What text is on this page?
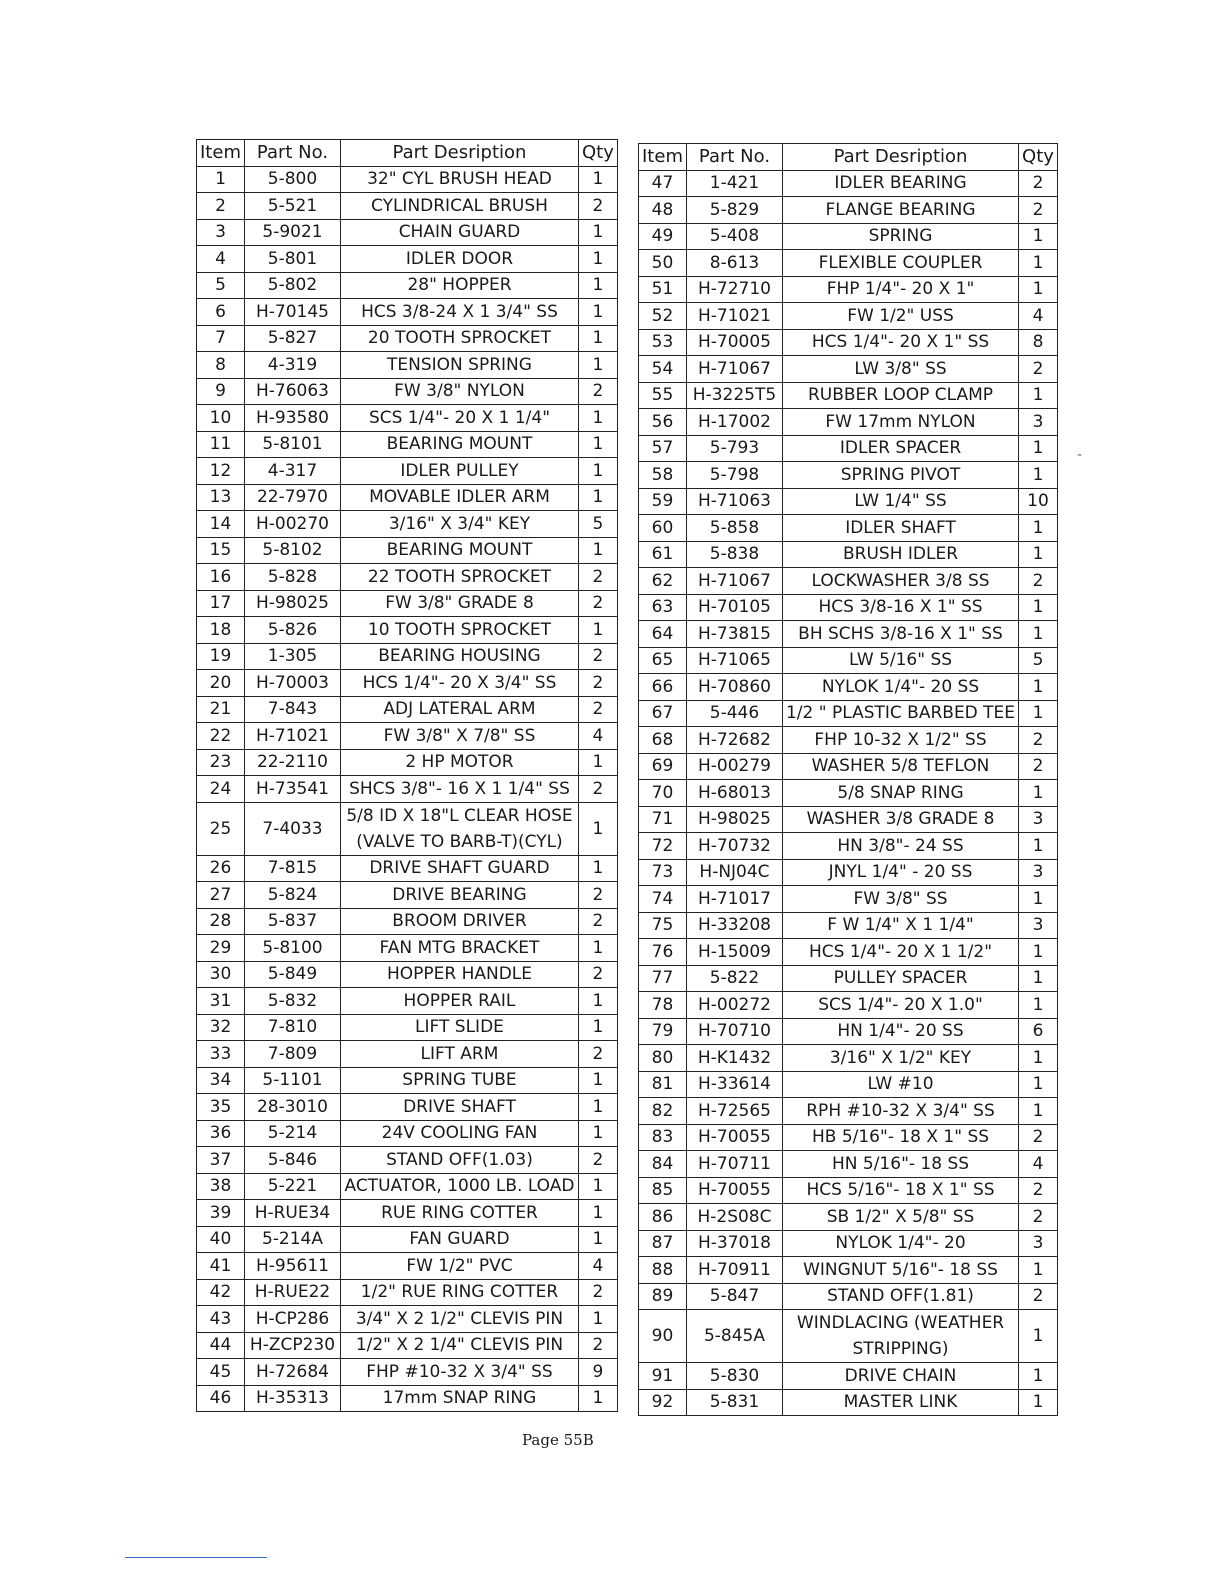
Item	Part No.	Part Desription	Qty
1	5-800	32" CYL BRUSH HEAD	1
2	5-521	CYLINDRICAL BRUSH	2
3	5-9021	CHAIN GUARD	1
4	5-801	IDLER DOOR	1
5	5-802	28" HOPPER	1
6	H-70145	HCS 3/8-24 X 1 3/4" SS	1
7	5-827	20 TOOTH SPROCKET	1
8	4-319	TENSION SPRING	1
9	H-76063	FW 3/8" NYLON	2
10	H-93580	SCS 1/4"- 20 X 1 1/4"	1
11	5-8101	BEARING MOUNT	1
12	4-317	IDLER PULLEY	1
13	22-7970	MOVABLE IDLER ARM	1
14	H-00270	3/16" X 3/4" KEY	5
15	5-8102	BEARING MOUNT	1
16	5-828	22 TOOTH SPROCKET	2
17	H-98025	FW 3/8" GRADE 8	2
18	5-826	10 TOOTH SPROCKET	1
19	1-305	BEARING HOUSING	2
20	H-70003	HCS 1/4"- 20 X 3/4" SS	2
21	7-843	ADJ LATERAL ARM	2
22	H-71021	FW 3/8" X 7/8" SS	4
23	22-2110	2 HP MOTOR	1
24	H-73541	SHCS 3/8"- 16 X 1 1/4" SS	2
25	7-4033	5/8 ID X 18"L CLEAR HOSE (VALVE TO BARB-T)(CYL)	1
26	7-815	DRIVE SHAFT GUARD	1
27	5-824	DRIVE BEARING	2
28	5-837	BROOM DRIVER	2
29	5-8100	FAN MTG BRACKET	1
30	5-849	HOPPER HANDLE	2
31	5-832	HOPPER RAIL	1
32	7-810	LIFT SLIDE	1
33	7-809	LIFT ARM	2
34	5-1101	SPRING TUBE	1
35	28-3010	DRIVE SHAFT	1
36	5-214	24V COOLING FAN	1
37	5-846	STAND OFF(1.03)	2
38	5-221	ACTUATOR, 1000 LB. LOAD	1
39	H-RUE34	RUE RING COTTER	1
40	5-214A	FAN GUARD	1
41	H-95611	FW 1/2" PVC	4
42	H-RUE22	1/2" RUE RING COTTER	2
43	H-CP286	3/4" X 2 1/2" CLEVIS PIN	1
44	H-ZCP230	1/2" X 2 1/4" CLEVIS PIN	2
45	H-72684	FHP #10-32 X 3/4" SS	9
46	H-35313	17mm SNAP RING	1
Item	Part No.	Part Desription	Qty
47	1-421	IDLER BEARING	2
48	5-829	FLANGE BEARING	2
49	5-408	SPRING	1
50	8-613	FLEXIBLE COUPLER	1
51	H-72710	FHP 1/4"- 20 X 1"	1
52	H-71021	FW 1/2" USS	4
53	H-70005	HCS 1/4"- 20 X 1" SS	8
54	H-71067	LW 3/8" SS	2
55	H-3225T5	RUBBER LOOP CLAMP	1
56	H-17002	FW 17mm NYLON	3
57	5-793	IDLER SPACER	1
58	5-798	SPRING PIVOT	1
59	H-71063	LW 1/4" SS	10
60	5-858	IDLER SHAFT	1
61	5-838	BRUSH IDLER	1
62	H-71067	LOCKWASHER 3/8 SS	2
63	H-70105	HCS 3/8-16 X 1" SS	1
64	H-73815	BH SCHS 3/8-16 X 1" SS	1
65	H-71065	LW 5/16" SS	5
66	H-70860	NYLOK 1/4"- 20 SS	1
67	5-446	1/2 " PLASTIC BARBED TEE	1
68	H-72682	FHP 10-32 X 1/2" SS	2
69	H-00279	WASHER 5/8 TEFLON	2
70	H-68013	5/8 SNAP RING	1
71	H-98025	WASHER 3/8 GRADE 8	3
72	H-70732	HN 3/8"- 24 SS	1
73	H-NJ04C	JNYL 1/4" - 20 SS	3
74	H-71017	FW 3/8" SS	1
75	H-33208	F W 1/4" X 1 1/4"	3
76	H-15009	HCS 1/4"- 20 X 1 1/2"	1
77	5-822	PULLEY SPACER	1
78	H-00272	SCS 1/4"- 20 X 1.0"	1
79	H-70710	HN 1/4"- 20 SS	6
80	H-K1432	3/16" X 1/2" KEY	1
81	H-33614	LW #10	1
82	H-72565	RPH #10-32 X 3/4" SS	1
83	H-70055	HB 5/16"- 18 X 1" SS	2
84	H-70711	HN 5/16"- 18 SS	4
85	H-70055	HCS 5/16"- 18 X 1" SS	2
86	H-2S08C	SB 1/2" X 5/8" SS	2
87	H-37018	NYLOK 1/4"- 20	3
88	H-70911	WINGNUT 5/16"- 18 SS	1
89	5-847	STAND OFF(1.81)	2
90	5-845A	WINDLACING (WEATHER STRIPPING)	1
91	5-830	DRIVE CHAIN	1
92	5-831	MASTER LINK	1
Page 55B
-
